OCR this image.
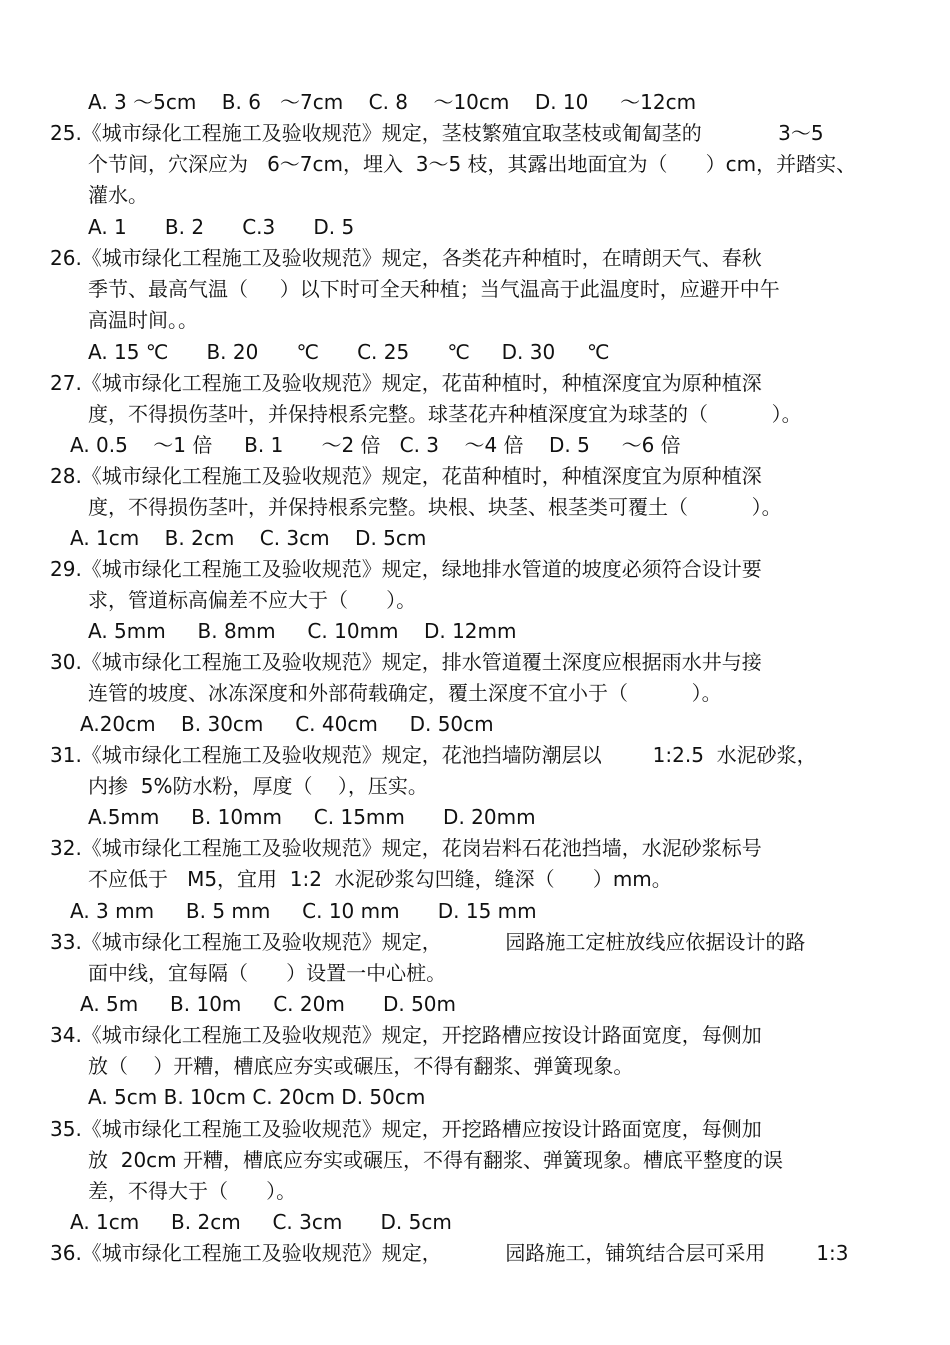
A. 3 ～5cm    B. 6   ～7cm    C. 8    ～10cm    D. 10     ～12cm
25.《城市绿化工程施工及验收规范》规定，茎枝繁殖宜取茎枝或匍匐茎的            3～5
个节间，穴深应为   6～7cm，埋入  3～5 枝，其露出地面宜为（      ）cm，并踏实、
灌水。
A. 1      B. 2      C.3      D. 5
26.《城市绿化工程施工及验收规范》规定，各类花卉种植时，在晴朗天气、春秋
季节、最高气温（     ）以下时可全天种植；当气温高于此温度时，应避开中午
高温时间。。
A. 15 ℃      B. 20      ℃      C. 25      ℃     D. 30     ℃
27.《城市绿化工程施工及验收规范》规定，花苗种植时，种植深度宜为原种植深
度，不得损伤茎叶，并保持根系完整。球茎花卉种植深度宜为球茎的（          ）。
A. 0.5    ～1 倍     B. 1      ～2 倍   C. 3    ～4 倍    D. 5     ～6 倍
28.《城市绿化工程施工及验收规范》规定，花苗种植时，种植深度宜为原种植深
度，不得损伤茎叶，并保持根系完整。块根、块茎、根茎类可覆土（          ）。
A. 1cm    B. 2cm    C. 3cm    D. 5cm
29.《城市绿化工程施工及验收规范》规定，绿地排水管道的坡度必须符合设计要
求，管道标高偏差不应大于（      ）。
A. 5mm     B. 8mm     C. 10mm    D. 12mm
30.《城市绿化工程施工及验收规范》规定，排水管道覆土深度应根据雨水井与接
连管的坡度、冰冻深度和外部荷载确定，覆土深度不宜小于（          ）。
A.20cm    B. 30cm     C. 40cm     D. 50cm
31.《城市绿化工程施工及验收规范》规定，花池挡墙防潮层以        1:2.5  水泥砂浆，
内掺  5%防水粉，厚度（    ），压实。
A.5mm     B. 10mm     C. 15mm      D. 20mm
32.《城市绿化工程施工及验收规范》规定，花岗岩料石花池挡墙，水泥砂浆标号
不应低于   M5，宜用  1:2  水泥砂浆勾凹缝，缝深（      ）mm。
A. 3 mm     B. 5 mm     C. 10 mm      D. 15 mm
33.《城市绿化工程施工及验收规范》规定，          园路施工定桩放线应依据设计的路
面中线，宜每隔（      ）设置一中心桩。
A. 5m     B. 10m     C. 20m      D. 50m
34.《城市绿化工程施工及验收规范》规定，开挖路槽应按设计路面宽度，每侧加
放（    ）开糟，槽底应夯实或碾压，不得有翻浆、弹簧现象。
A. 5cm B. 10cm C. 20cm D. 50cm
35.《城市绿化工程施工及验收规范》规定，开挖路槽应按设计路面宽度，每侧加
放  20cm 开糟，槽底应夯实或碾压，不得有翻浆、弹簧现象。槽底平整度的误
差，不得大于（      ）。
A. 1cm     B. 2cm     C. 3cm      D. 5cm
36.《城市绿化工程施工及验收规范》规定，          园路施工，铺筑结合层可采用        1:3
